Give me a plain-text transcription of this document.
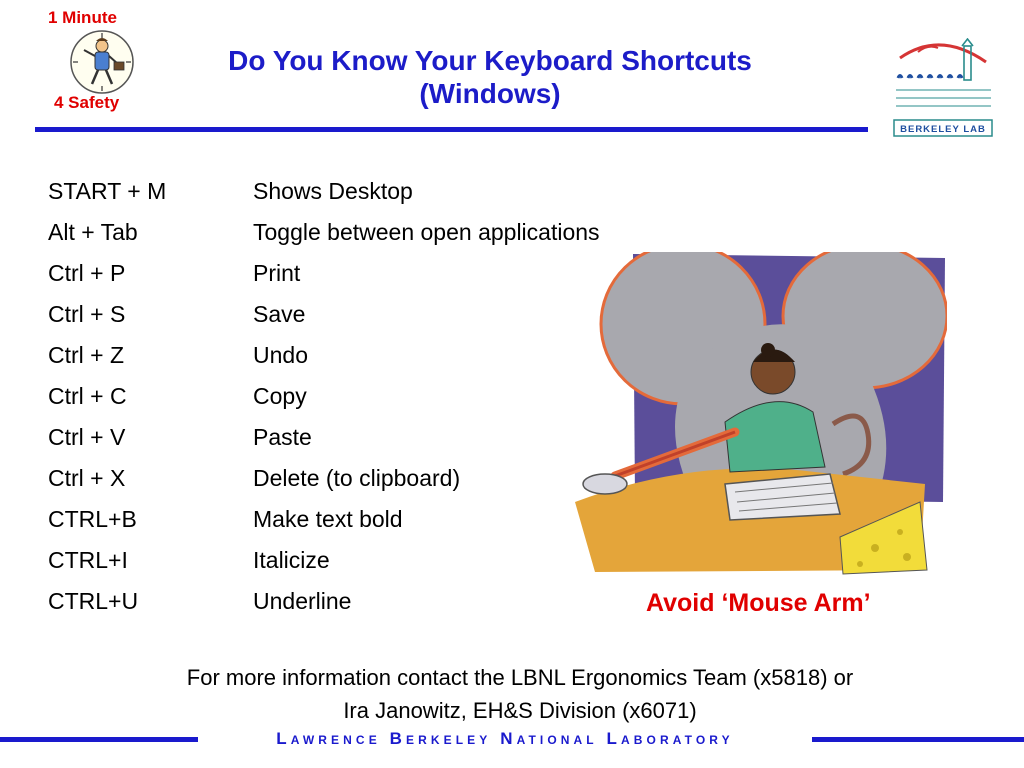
1 Minute
4 Safety
Do You Know Your Keyboard Shortcuts
(Windows)
BERKELEY LAB
START + M	Shows Desktop
Alt + Tab	Toggle between open applications
Ctrl + P	Print
Ctrl + S	Save
Ctrl + Z	Undo
Ctrl + C	Copy
Ctrl + V	Paste
Ctrl + X	Delete (to clipboard)
CTRL+B	Make text bold
CTRL+I	Italicize
CTRL+U	Underline	Avoid ‘Mouse Arm’
For more information contact the LBNL Ergonomics Team (x5818) or
Ira Janowitz, EH&S Division (x6071)
Lawrence Berkeley National Laboratory
